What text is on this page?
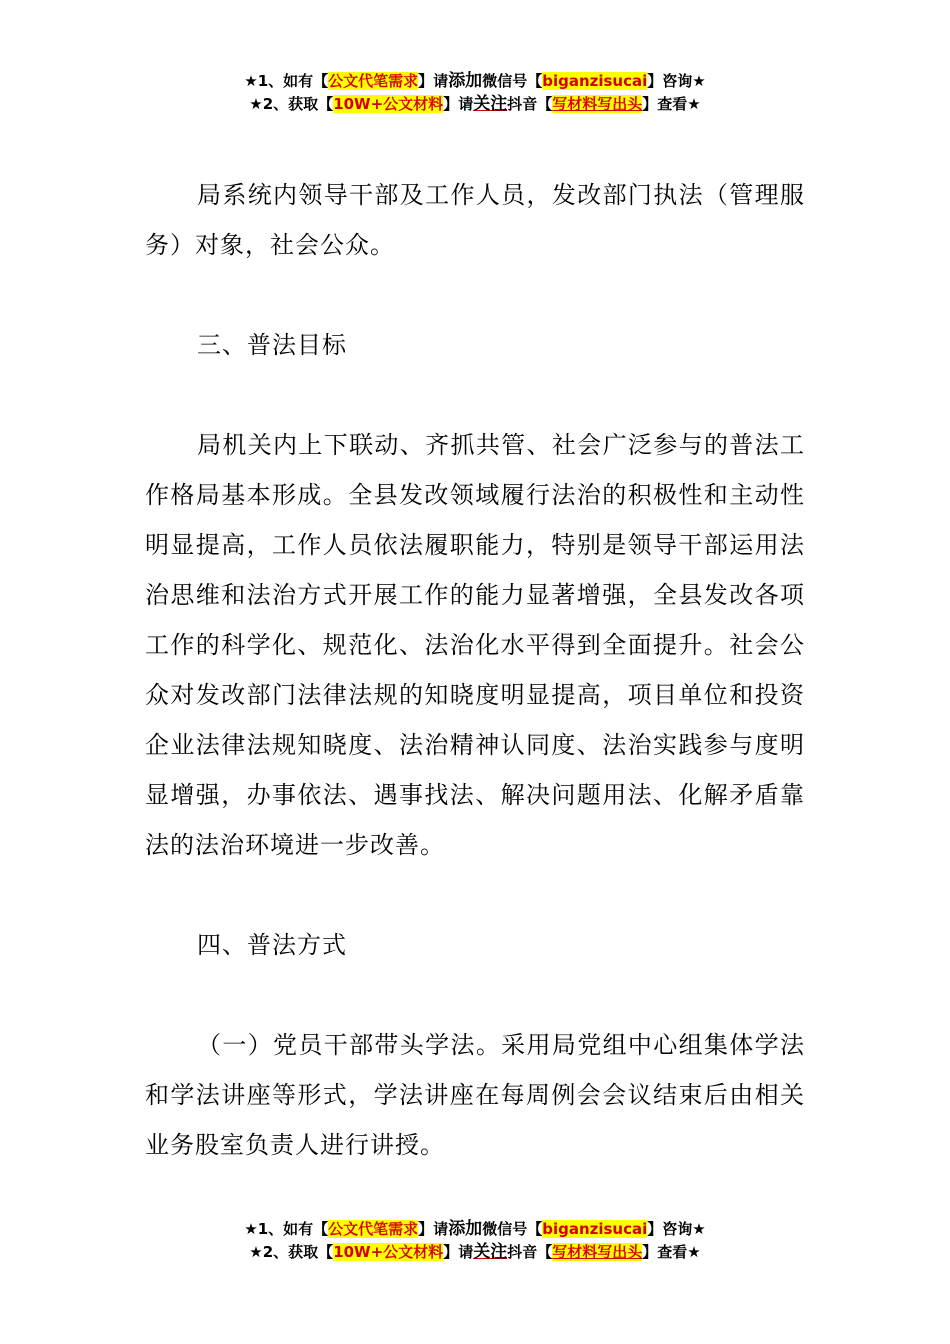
★1、如有【公文代笔需求】请添加微信号【biganzisucai】咨询★
★2、获取【10W+公文材料】请关注抖音【写材料写出头】查看★

局系统内领导干部及工作人员，发改部门执法（管理服务）对象，社会公众。

三、普法目标

局机关内上下联动、齐抓共管、社会广泛参与的普法工作格局基本形成。全县发改领域履行法治的积极性和主动性明显提高，工作人员依法履职能力，特别是领导干部运用法治思维和法治方式开展工作的能力显著增强，全县发改各项工作的科学化、规范化、法治化水平得到全面提升。社会公众对发改部门法律法规的知晓度明显提高，项目单位和投资企业法律法规知晓度、法治精神认同度、法治实践参与度明显增强，办事依法、遇事找法、解决问题用法、化解矛盾靠法的法治环境进一步改善。

四、普法方式

（一）党员干部带头学法。采用局党组中心组集体学法和学法讲座等形式，学法讲座在每周例会会议结束后由相关业务股室负责人进行讲授。

★1、如有【公文代笔需求】请添加微信号【biganzisucai】咨询★
★2、获取【10W+公文材料】请关注抖音【写材料写出头】查看★
